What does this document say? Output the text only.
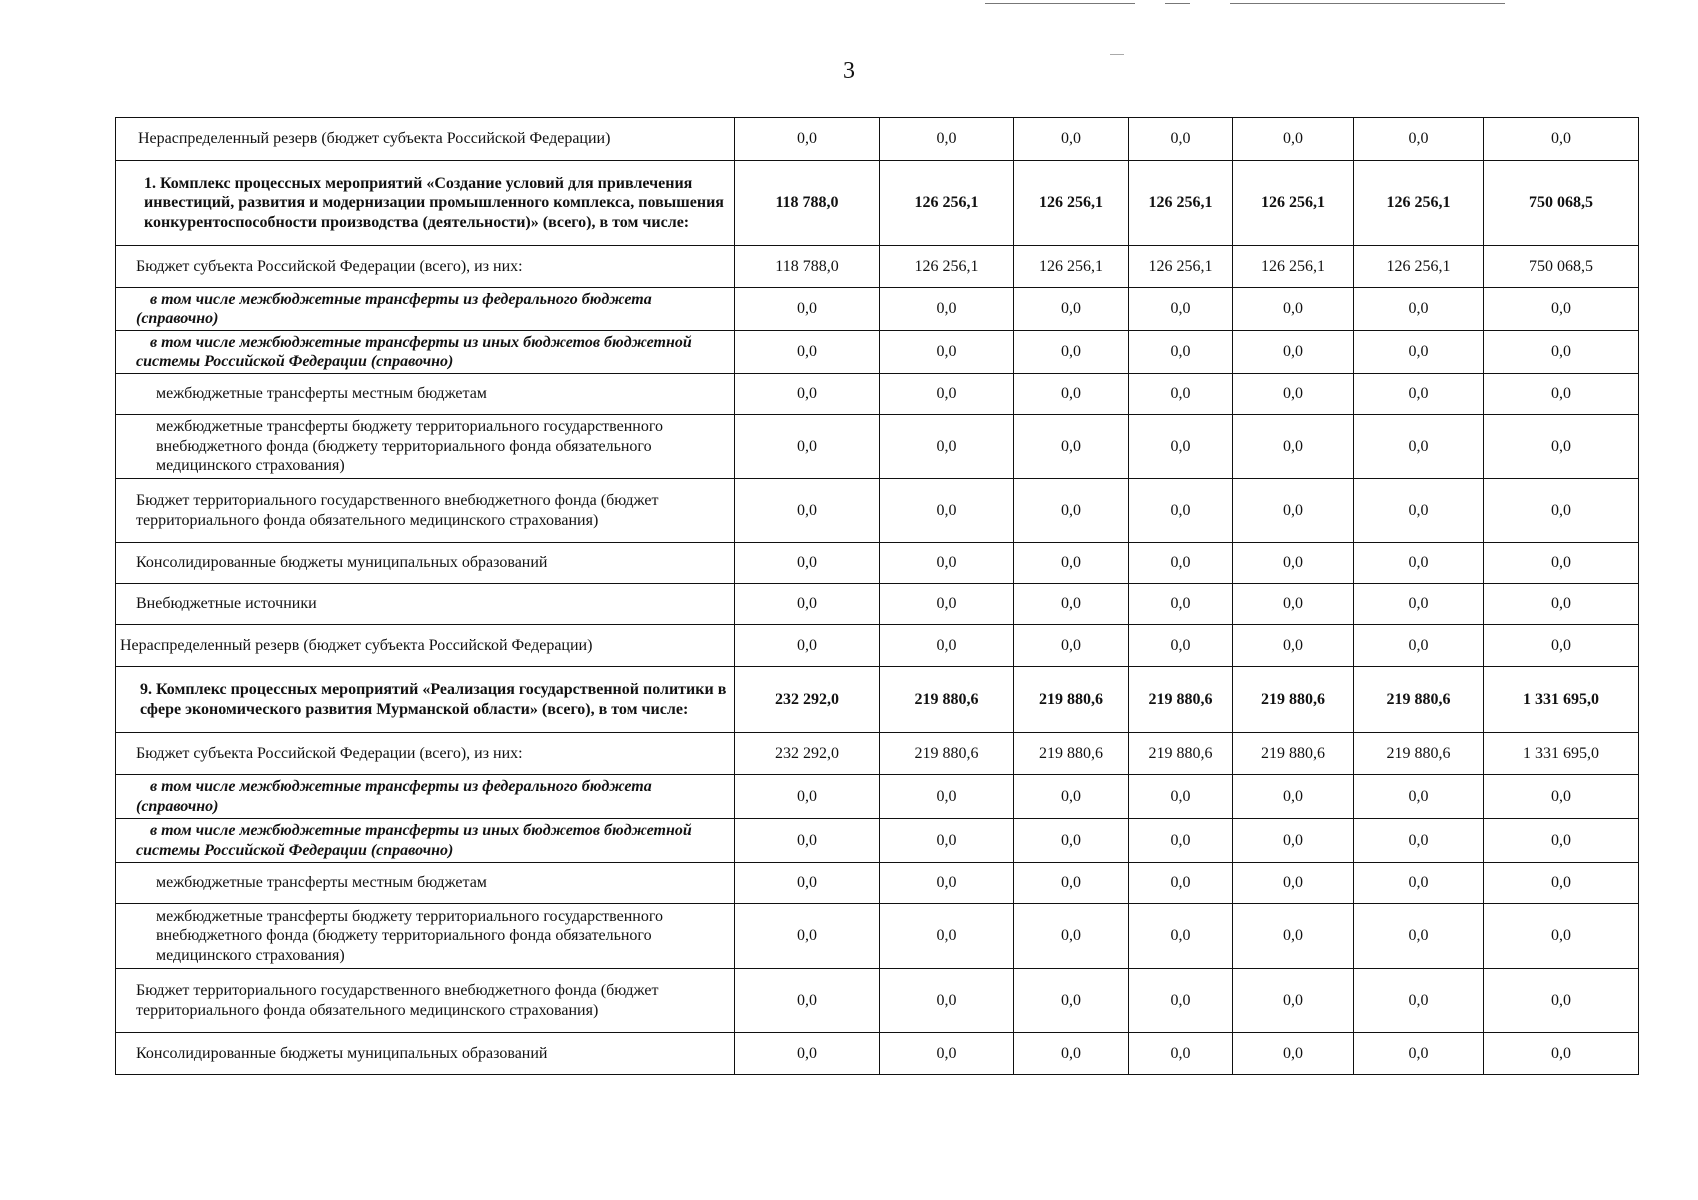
3
Нераспределенный резерв (бюджет субъекта Российской Федерации)	0,0	0,0	0,0	0,0	0,0	0,0	0,0
1. Комплекс процессных мероприятий «Создание условий для привлечения инвестиций, развития и модернизации промышленного комплекса, повышения конкурентоспособности производства (деятельности)» (всего), в том числе:	118 788,0	126 256,1	126 256,1	126 256,1	126 256,1	126 256,1	750 068,5
Бюджет субъекта Российской Федерации (всего), из них:	118 788,0	126 256,1	126 256,1	126 256,1	126 256,1	126 256,1	750 068,5

в том числе межбюджетные трансферты из федерального бюджета (справочно)	0,0	0,0	0,0	0,0	0,0	0,0	0,0

в том числе межбюджетные трансферты из иных бюджетов бюджетной системы Российской Федерации (справочно)	0,0	0,0	0,0	0,0	0,0	0,0	0,0
межбюджетные трансферты местным бюджетам	0,0	0,0	0,0	0,0	0,0	0,0	0,0
межбюджетные трансферты бюджету территориального государственного внебюджетного фонда (бюджету территориального фонда обязательного медицинского страхования)	0,0	0,0	0,0	0,0	0,0	0,0	0,0
Бюджет территориального государственного внебюджетного фонда (бюджет территориального фонда обязательного медицинского страхования)	0,0	0,0	0,0	0,0	0,0	0,0	0,0
Консолидированные бюджеты муниципальных образований	0,0	0,0	0,0	0,0	0,0	0,0	0,0
Внебюджетные источники	0,0	0,0	0,0	0,0	0,0	0,0	0,0
Нераспределенный резерв (бюджет субъекта Российской Федерации)	0,0	0,0	0,0	0,0	0,0	0,0	0,0
9. Комплекс процессных мероприятий «Реализация государственной политики в сфере экономического развития Мурманской области» (всего), в том числе:	232 292,0	219 880,6	219 880,6	219 880,6	219 880,6	219 880,6	1 331 695,0
Бюджет субъекта Российской Федерации (всего), из них:	232 292,0	219 880,6	219 880,6	219 880,6	219 880,6	219 880,6	1 331 695,0

в том числе межбюджетные трансферты из федерального бюджета (справочно)	0,0	0,0	0,0	0,0	0,0	0,0	0,0

в том числе межбюджетные трансферты из иных бюджетов бюджетной системы Российской Федерации (справочно)	0,0	0,0	0,0	0,0	0,0	0,0	0,0
межбюджетные трансферты местным бюджетам	0,0	0,0	0,0	0,0	0,0	0,0	0,0
межбюджетные трансферты бюджету территориального государственного внебюджетного фонда (бюджету территориального фонда обязательного медицинского страхования)	0,0	0,0	0,0	0,0	0,0	0,0	0,0
Бюджет территориального государственного внебюджетного фонда (бюджет территориального фонда обязательного медицинского страхования)	0,0	0,0	0,0	0,0	0,0	0,0	0,0
Консолидированные бюджеты муниципальных образований	0,0	0,0	0,0	0,0	0,0	0,0	0,0
